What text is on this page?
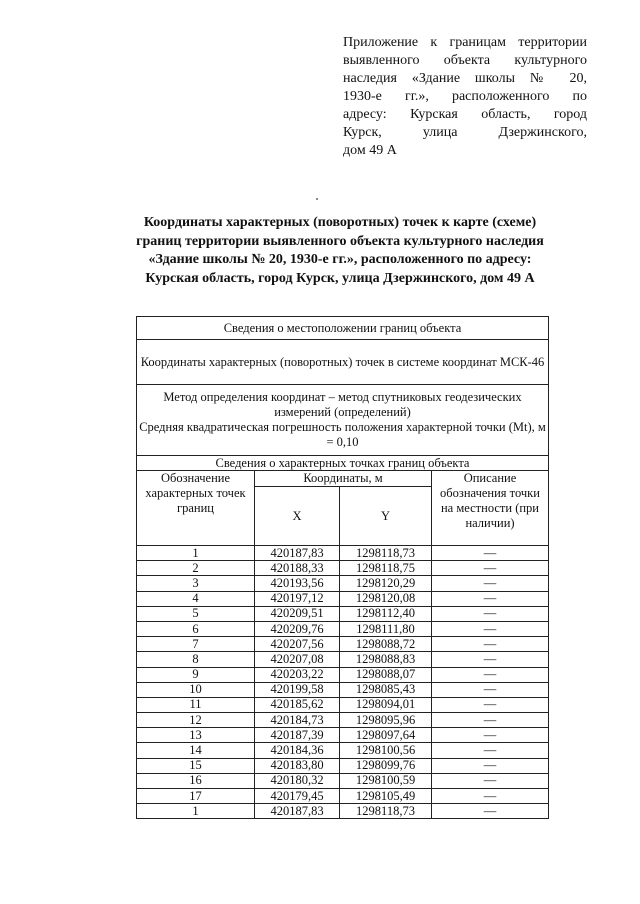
Приложение к границам территории
выявленного объекта культурного
наследия «Здание школы № 20,
1930-е гг.», расположенного по
адресу: Курская область, город
Курск, улица Дзержинского,
дом 49 А
Координаты характерных (поворотных) точек к карте (схеме)
границ территории выявленного объекта культурного наследия
«Здание школы № 20, 1930-е гг.», расположенного по адресу:
Курская область, город Курск, улица Дзержинского, дом 49 А
Сведения о местоположении границ объекта			
Координаты характерных (поворотных) точек в системе координат МСК-46			

Метод определения координат – метод спутниковых геодезических измерений (определений)
Средняя квадратическая погрешность положения характерной точки (Mt), м = 0,10			

Сведения о характерных точках границ объекта			
Обозначение характерных точек границ	Координаты, м		Описание обозначения точки на местности (при наличии)
	X	Y	
1	420187,83	1298118,73	—
2	420188,33	1298118,75	—
3	420193,56	1298120,29	—
4	420197,12	1298120,08	—
5	420209,51	1298112,40	—
6	420209,76	1298111,80	—
7	420207,56	1298088,72	—
8	420207,08	1298088,83	—
9	420203,22	1298088,07	—
10	420199,58	1298085,43	—
11	420185,62	1298094,01	—
12	420184,73	1298095,96	—
13	420187,39	1298097,64	—
14	420184,36	1298100,56	—
15	420183,80	1298099,76	—
16	420180,32	1298100,59	—
17	420179,45	1298105,49	—
1	420187,83	1298118,73	—
